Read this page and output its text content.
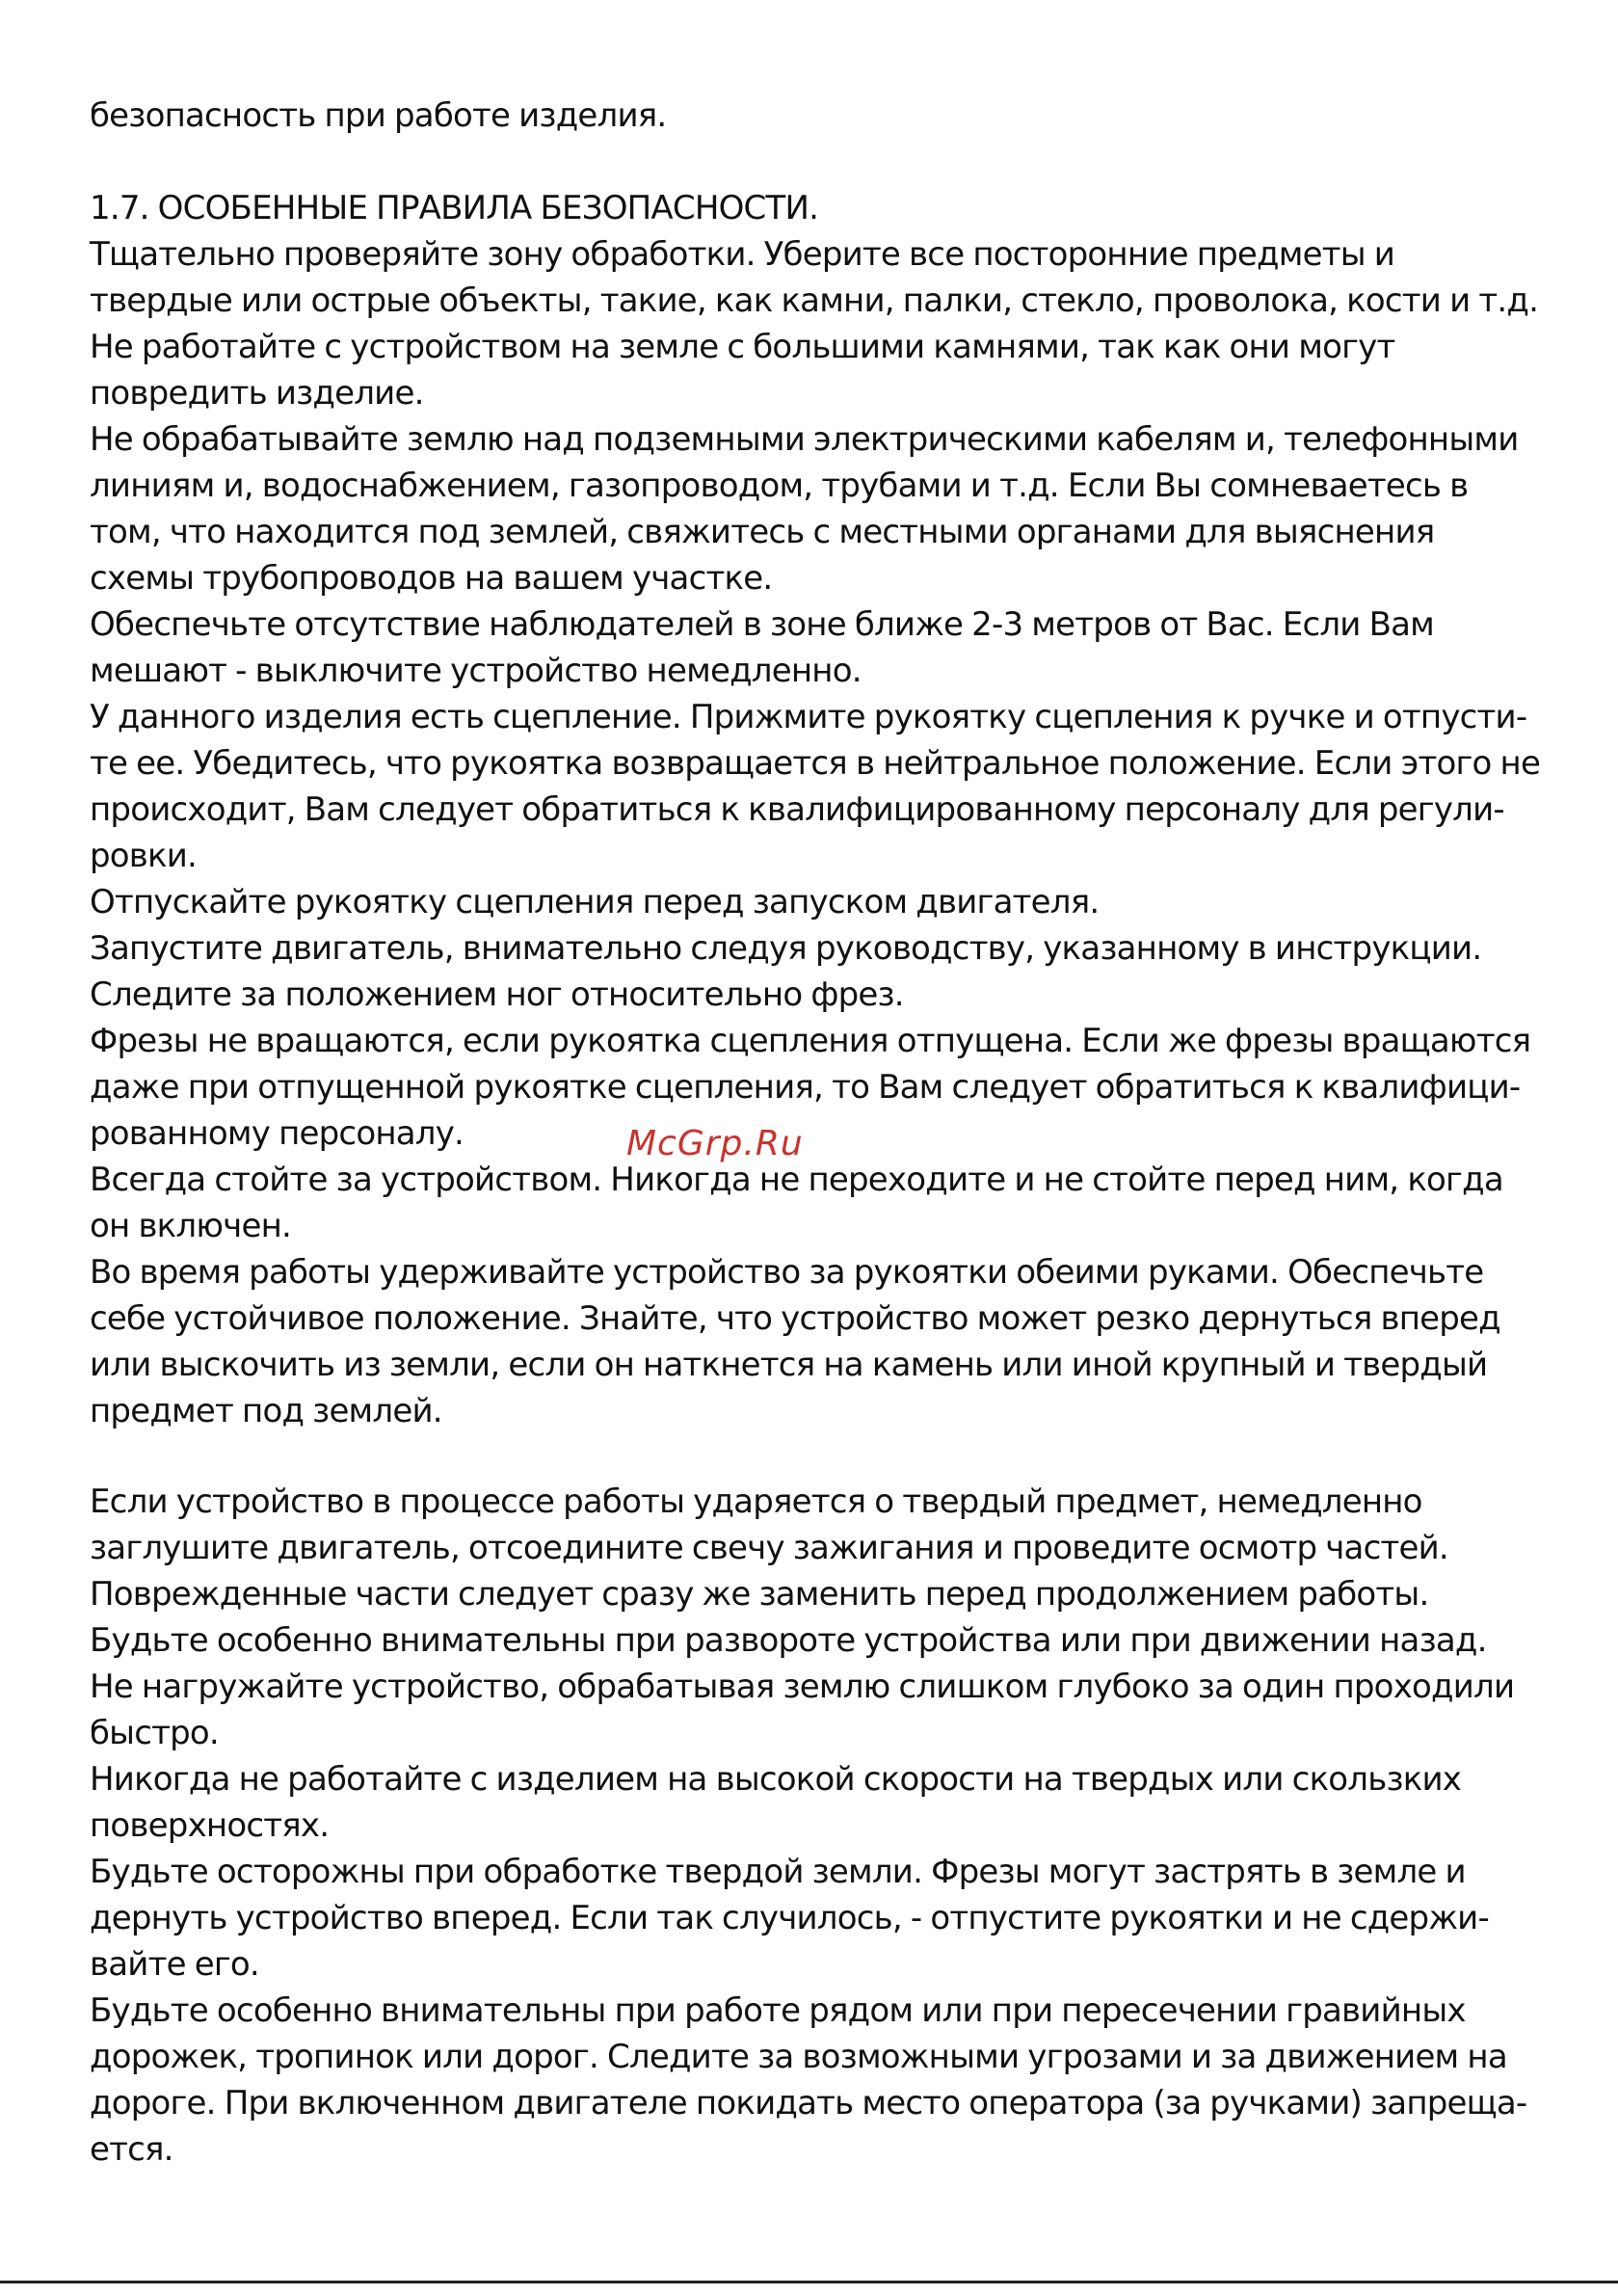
безопасность при работе изделия.
1.7. ОСОБЕННЫЕ ПРАВИЛА БЕЗОПАСНОСТИ.
Тщательно проверяйте зону обработки. Уберите все посторонние предметы и
твердые или острые объекты, такие, как камни, палки, стекло, проволока, кости и т.д.
Не работайте с устройством на земле с большими камнями, так как они могут
повредить изделие.
Не обрабатывайте землю над подземными электрическими кабелям и, телефонными
линиям и, водоснабжением, газопроводом, трубами и т.д. Если Вы сомневаетесь в
том, что находится под землей, свяжитесь с местными органами для выяснения
схемы трубопроводов на вашем участке.
Обеспечьте отсутствие наблюдателей в зоне ближе 2-3 метров от Вас. Если Вам
мешают - выключите устройство немедленно.
У данного изделия есть сцепление. Прижмите рукоятку сцепления к ручке и отпусти-
те ее. Убедитесь, что рукоятка возвращается в нейтральное положение. Если этого не
происходит, Вам следует обратиться к квалифицированному персоналу для регули-
ровки.
Отпускайте рукоятку сцепления перед запуском двигателя.
Запустите двигатель, внимательно следуя руководству, указанному в инструкции.
Следите за положением ног относительно фрез.
Фрезы не вращаются, если рукоятка сцепления отпущена. Если же фрезы вращаются
даже при отпущенной рукоятке сцепления, то Вам следует обратиться к квалифици-
рованному персоналу.
Всегда стойте за устройством. Никогда не переходите и не стойте перед ним, когда
он включен.
Во время работы удерживайте устройство за рукоятки обеими руками. Обеспечьте
себе устойчивое положение. Знайте, что устройство может резко дернуться вперед
или выскочить из земли, если он наткнется на камень или иной крупный и твердый
предмет под землей.
Если устройство в процессе работы ударяется о твердый предмет, немедленно
заглушите двигатель, отсоедините свечу зажигания и проведите осмотр частей.
Поврежденные части следует сразу же заменить перед продолжением работы.
Будьте особенно внимательны при развороте устройства или при движении назад.
Не нагружайте устройство, обрабатывая землю слишком глубоко за один проходили
быстро.
Никогда не работайте с изделием на высокой скорости на твердых или скользких
поверхностях.
Будьте осторожны при обработке твердой земли. Фрезы могут застрять в земле и
дернуть устройство вперед. Если так случилось, - отпустите рукоятки и не сдержи-
вайте его.
Будьте особенно внимательны при работе рядом или при пересечении гравийных
дорожек, тропинок или дорог. Следите за возможными угрозами и за движением на
дороге. При включенном двигателе покидать место оператора (за ручками) запреща-
ется.
McGrp.Ru
